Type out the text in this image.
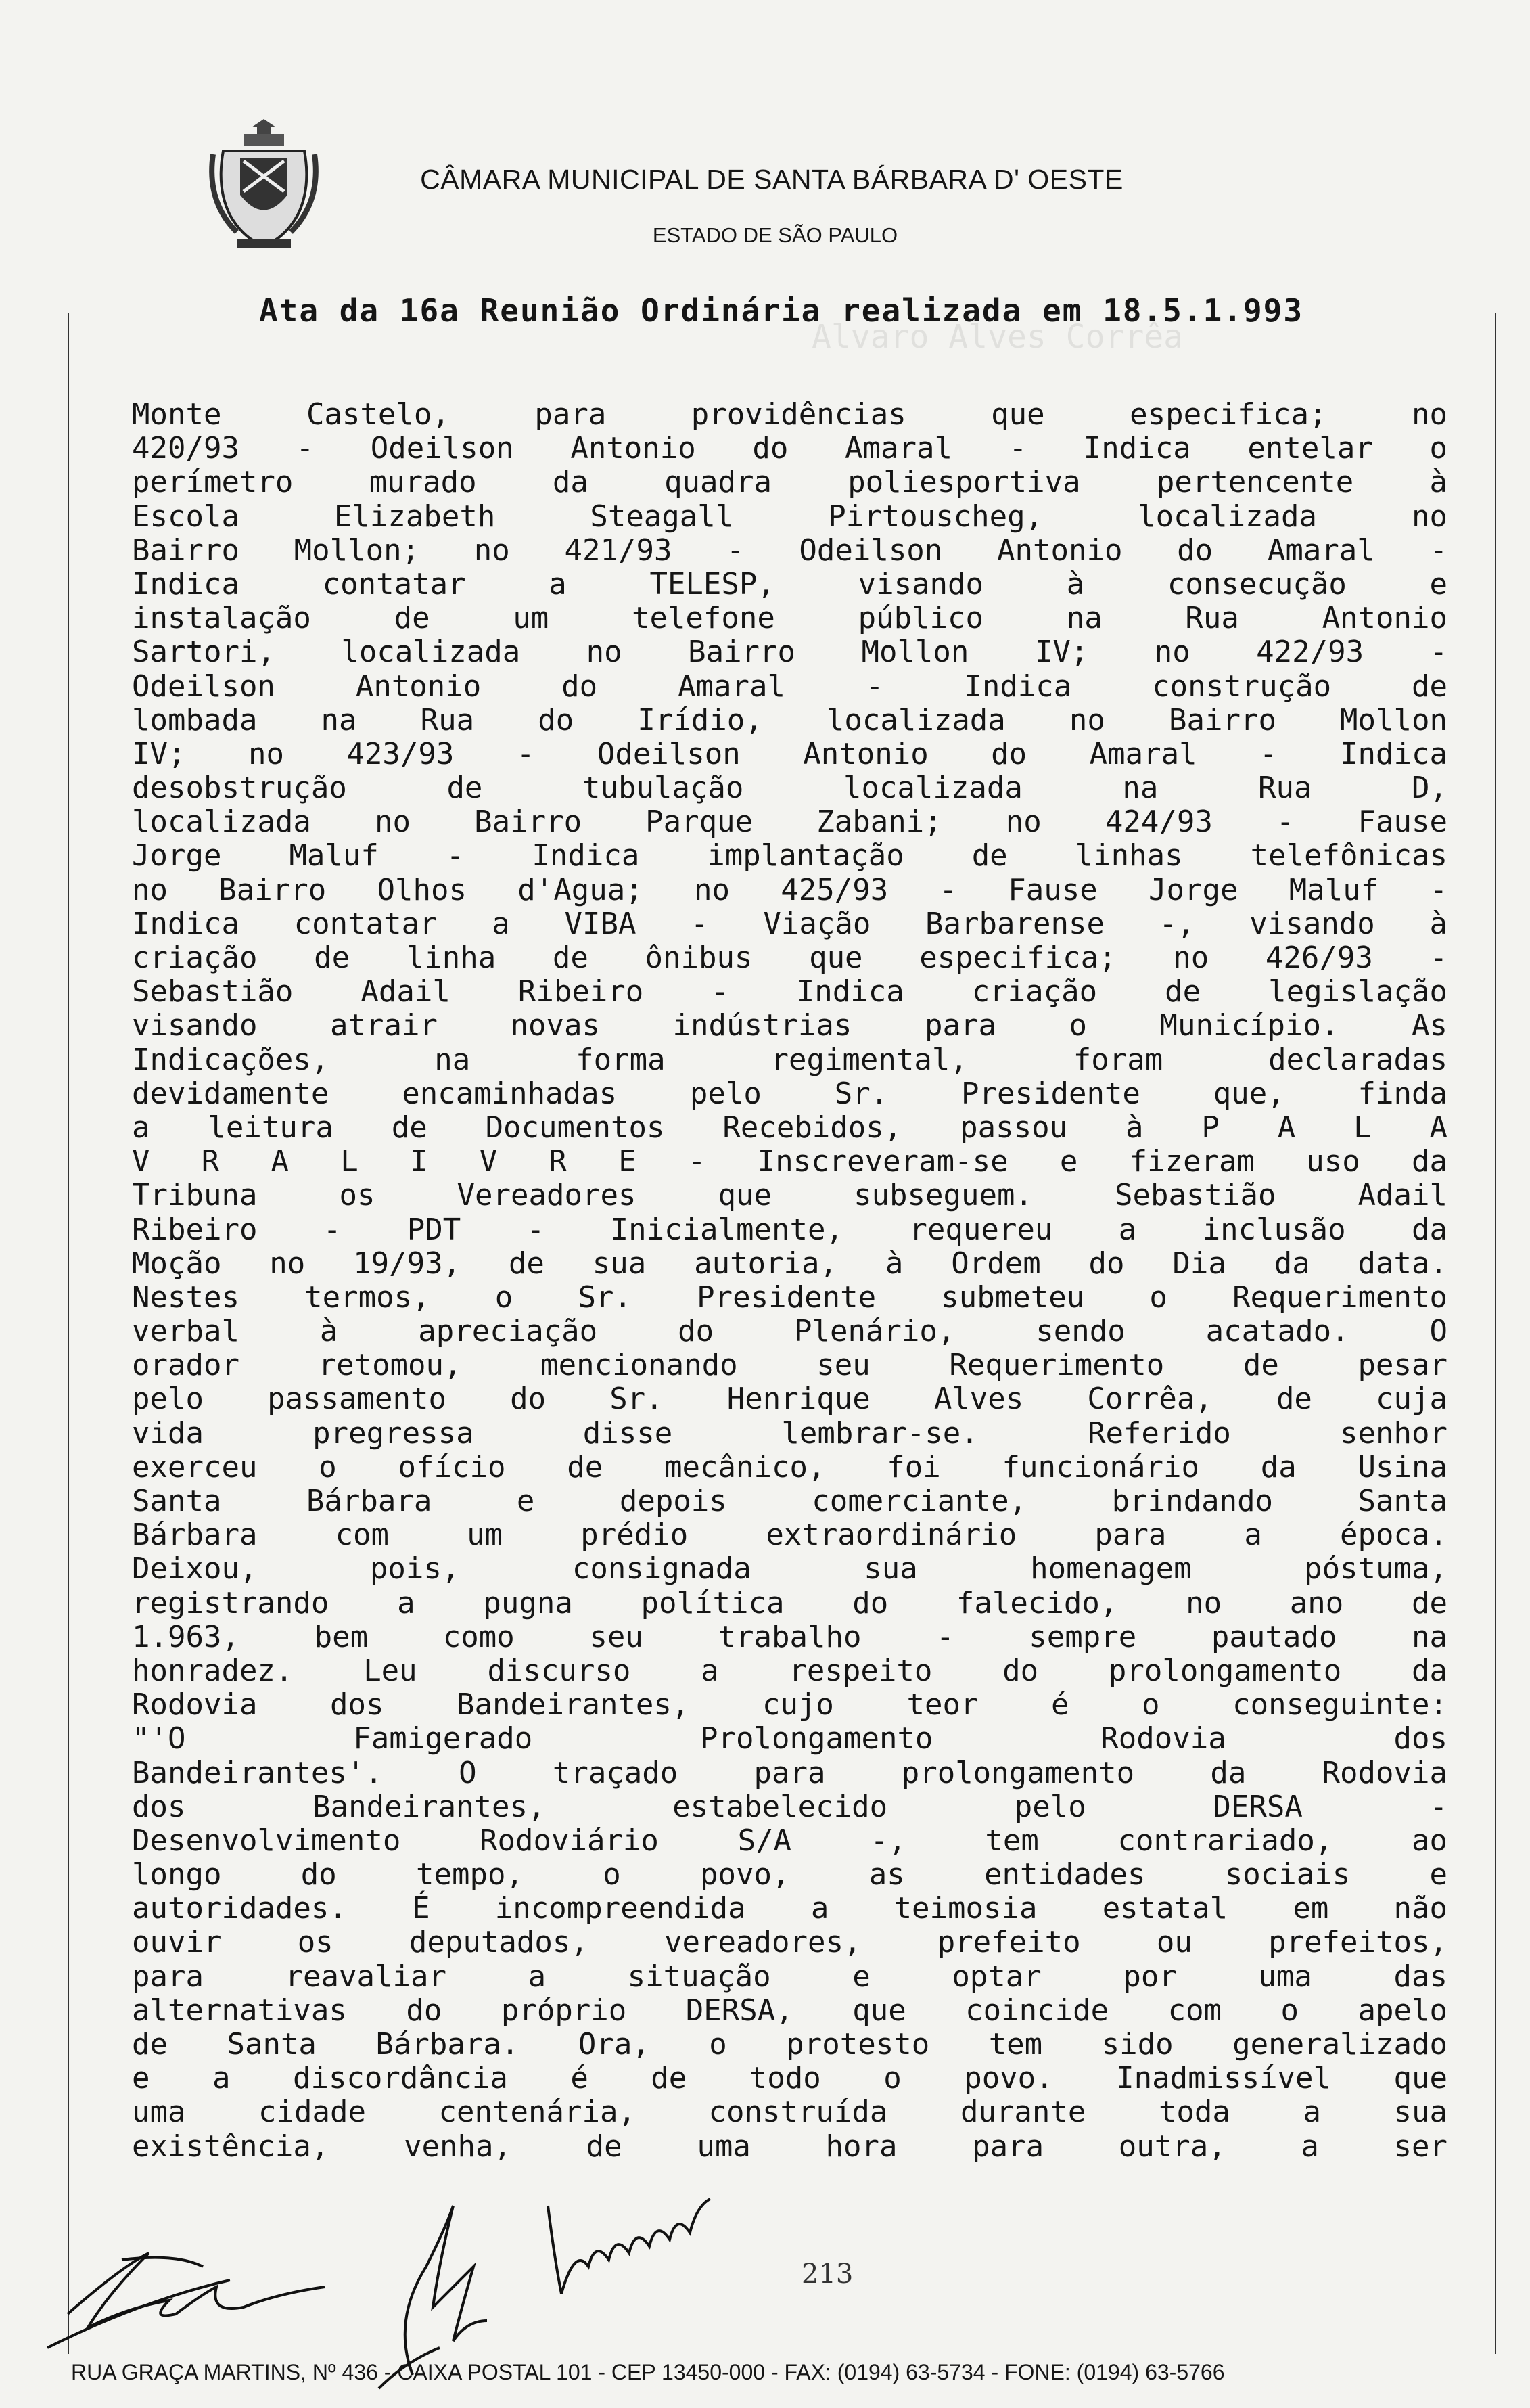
CÂMARA MUNICIPAL DE SANTA BÁRBARA D' OESTE
ESTADO DE SÃO PAULO
Alvaro Alves Corrêa
Ata da 16a Reunião Ordinária realizada em 18.5.1.993
Monte Castelo, para providências que especifica; no
420/93 - Odeilson Antonio do Amaral - Indica entelar o
perímetro murado da quadra poliesportiva pertencente à
Escola Elizabeth Steagall Pirtouscheg, localizada no
Bairro Mollon; no 421/93 - Odeilson Antonio do Amaral -
Indica contatar a TELESP, visando à consecução e
instalação de um telefone público na Rua Antonio
Sartori, localizada no Bairro Mollon IV; no 422/93 -
Odeilson Antonio do Amaral - Indica construção de
lombada na Rua do Irídio, localizada no Bairro Mollon
IV; no 423/93 - Odeilson Antonio do Amaral - Indica
desobstrução de tubulação localizada na Rua D,
localizada no Bairro Parque Zabani; no 424/93 - Fause
Jorge Maluf - Indica implantação de linhas telefônicas
no Bairro Olhos d'Agua; no 425/93 - Fause Jorge Maluf -
Indica contatar a VIBA - Viação Barbarense -, visando à
criação de linha de ônibus que especifica; no 426/93 -
Sebastião Adail Ribeiro - Indica criação de legislação
visando atrair novas indústrias para o Município. As
Indicações, na forma regimental, foram declaradas
devidamente encaminhadas pelo Sr. Presidente que, finda
a leitura de Documentos Recebidos, passou à P A L A
V R A L I V R E - Inscreveram-se e fizeram uso da
Tribuna os Vereadores que subseguem. Sebastião Adail
Ribeiro - PDT - Inicialmente, requereu a inclusão da
Moção no 19/93, de sua autoria, à Ordem do Dia da data.
Nestes termos, o Sr. Presidente submeteu o Requerimento
verbal à apreciação do Plenário, sendo acatado. O
orador retomou, mencionando seu Requerimento de pesar
pelo passamento do Sr. Henrique Alves Corrêa, de cuja
vida pregressa disse lembrar-se. Referido senhor
exerceu o ofício de mecânico, foi funcionário da Usina
Santa Bárbara e depois comerciante, brindando Santa
Bárbara com um prédio extraordinário para a época.
Deixou, pois, consignada sua homenagem póstuma,
registrando a pugna política do falecido, no ano de
1.963, bem como seu trabalho - sempre pautado na
honradez. Leu discurso a respeito do prolongamento da
Rodovia dos Bandeirantes, cujo teor é o conseguinte:
"'O Famigerado Prolongamento Rodovia dos
Bandeirantes'. O traçado para prolongamento da Rodovia
dos Bandeirantes, estabelecido pelo DERSA -
Desenvolvimento Rodoviário S/A -, tem contrariado, ao
longo do tempo, o povo, as entidades sociais e
autoridades. É incompreendida a teimosia estatal em não
ouvir os deputados, vereadores, prefeito ou prefeitos,
para reavaliar a situação e optar por uma das
alternativas do próprio DERSA, que coincide com o apelo
de Santa Bárbara. Ora, o protesto tem sido generalizado
e a discordância é de todo o povo. Inadmissível que
uma cidade centenária, construída durante toda a sua
existência, venha, de uma hora para outra, a ser
213
RUA GRAÇA MARTINS, Nº 436 - CAIXA POSTAL 101 - CEP 13450-000 - FAX: (0194) 63-5734 - FONE: (0194) 63-5766
